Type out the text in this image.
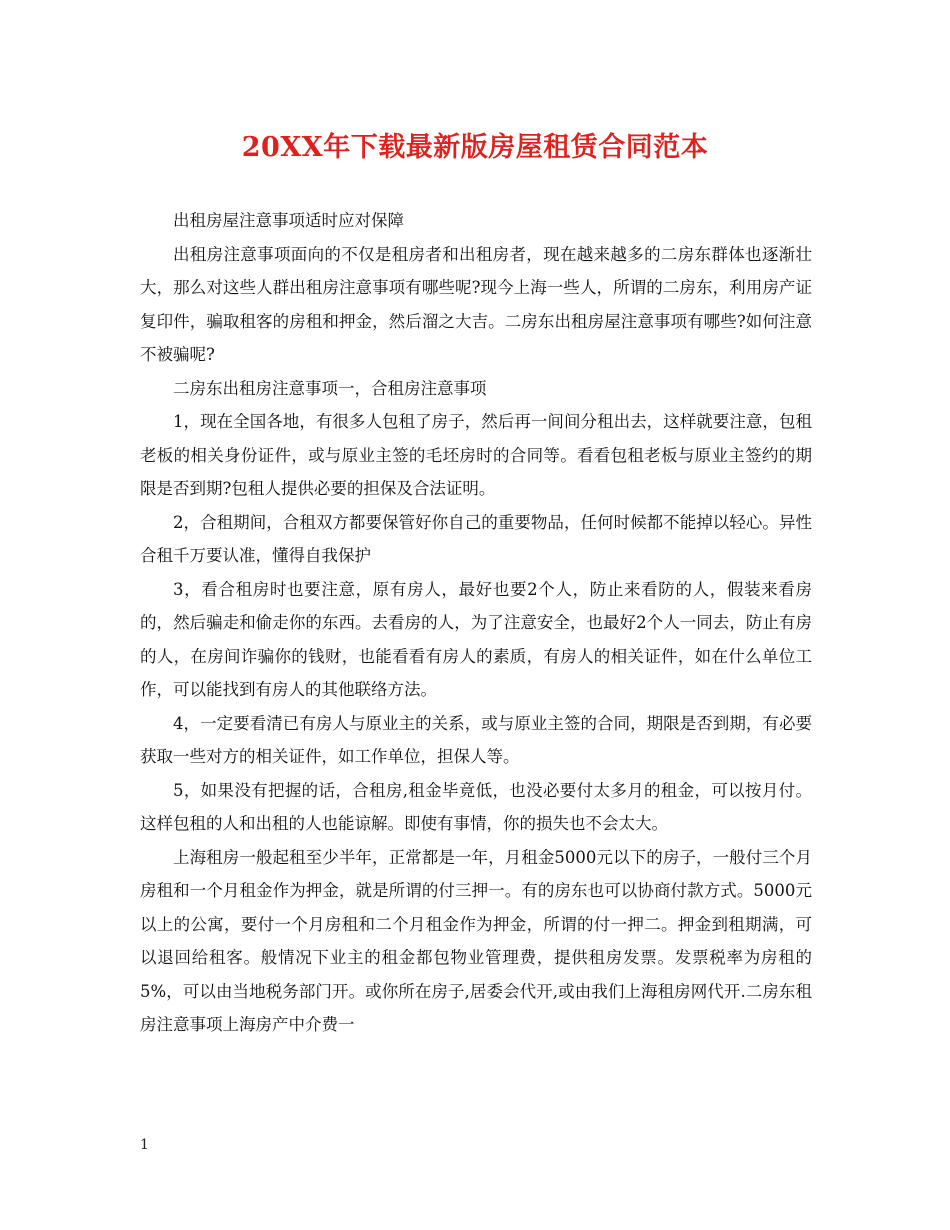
20XX年下载最新版房屋租赁合同范本

出租房屋注意事项适时应对保障

出租房注意事项面向的不仅是租房者和出租房者，现在越来越多的二房东群体也逐渐壮大，那么对这些人群出租房注意事项有哪些呢?现今上海一些人，所谓的二房东，利用房产证复印件，骗取租客的房租和押金，然后溜之大吉。二房东出租房屋注意事项有哪些?如何注意不被骗呢?

二房东出租房注意事项一，合租房注意事项

1，现在全国各地，有很多人包租了房子，然后再一间间分租出去，这样就要注意，包租老板的相关身份证件，或与原业主签的毛坯房时的合同等。看看包租老板与原业主签约的期限是否到期?包租人提供必要的担保及合法证明。

2，合租期间，合租双方都要保管好你自己的重要物品，任何时候都不能掉以轻心。异性合租千万要认准，懂得自我保护

3，看合租房时也要注意，原有房人，最好也要2个人，防止来看防的人，假装来看房的，然后骗走和偷走你的东西。去看房的人，为了注意安全，也最好2个人一同去，防止有房的人，在房间诈骗你的钱财，也能看看有房人的素质，有房人的相关证件，如在什么单位工作，可以能找到有房人的其他联络方法。

4，一定要看清已有房人与原业主的关系，或与原业主签的合同，期限是否到期，有必要获取一些对方的相关证件，如工作单位，担保人等。

5，如果没有把握的话，合租房,租金毕竟低，也没必要付太多月的租金，可以按月付。这样包租的人和出租的人也能谅解。即使有事情，你的损失也不会太大。

上海租房一般起租至少半年，正常都是一年，月租金5000元以下的房子，一般付三个月房租和一个月租金作为押金，就是所谓的付三押一。有的房东也可以协商付款方式。5000元以上的公寓，要付一个月房租和二个月租金作为押金，所谓的付一押二。押金到租期满，可以退回给租客。般情况下业主的租金都包物业管理费，提供租房发票。发票税率为房租的5%，可以由当地税务部门开。或你所在房子,居委会代开,或由我们上海租房网代开.二房东租房注意事项上海房产中介费一

1
